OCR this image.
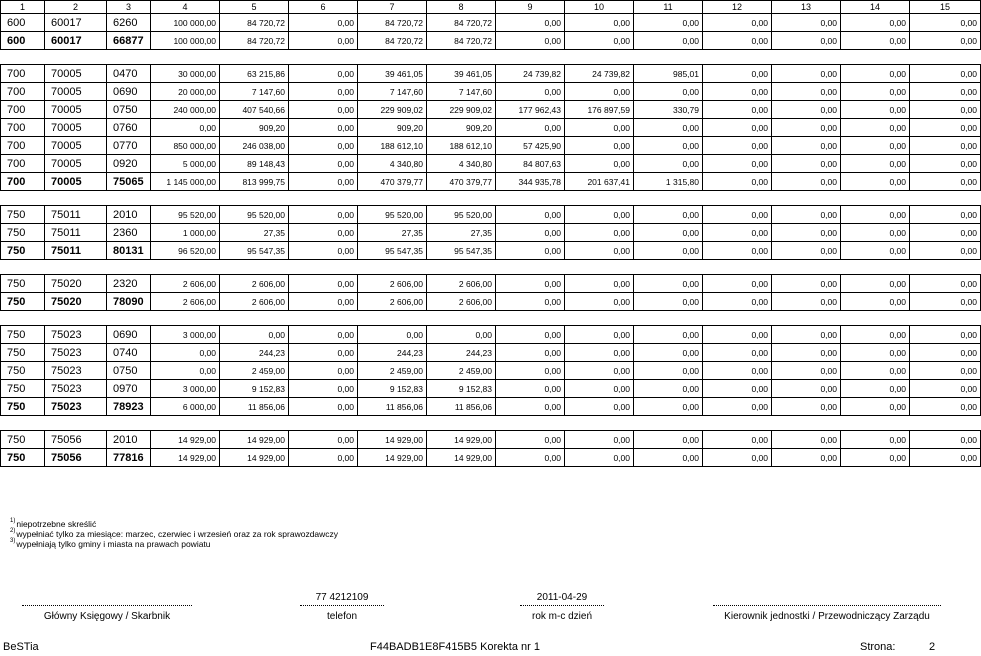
1	2	3	4	5	6	7	8	9	10	11	12	13	14	15
600	60017	6260	100 000,00	84 720,72	0,00	84 720,72	84 720,72	0,00	0,00	0,00	0,00	0,00	0,00	0,00
600	60017	66877	100 000,00	84 720,72	0,00	84 720,72	84 720,72	0,00	0,00	0,00	0,00	0,00	0,00	0,00

700	70005	0470	30 000,00	63 215,86	0,00	39 461,05	39 461,05	24 739,82	24 739,82	985,01	0,00	0,00	0,00	0,00
700	70005	0690	20 000,00	7 147,60	0,00	7 147,60	7 147,60	0,00	0,00	0,00	0,00	0,00	0,00	0,00
700	70005	0750	240 000,00	407 540,66	0,00	229 909,02	229 909,02	177 962,43	176 897,59	330,79	0,00	0,00	0,00	0,00
700	70005	0760	0,00	909,20	0,00	909,20	909,20	0,00	0,00	0,00	0,00	0,00	0,00	0,00
700	70005	0770	850 000,00	246 038,00	0,00	188 612,10	188 612,10	57 425,90	0,00	0,00	0,00	0,00	0,00	0,00
700	70005	0920	5 000,00	89 148,43	0,00	4 340,80	4 340,80	84 807,63	0,00	0,00	0,00	0,00	0,00	0,00
700	70005	75065	1 145 000,00	813 999,75	0,00	470 379,77	470 379,77	344 935,78	201 637,41	1 315,80	0,00	0,00	0,00	0,00

750	75011	2010	95 520,00	95 520,00	0,00	95 520,00	95 520,00	0,00	0,00	0,00	0,00	0,00	0,00	0,00
750	75011	2360	1 000,00	27,35	0,00	27,35	27,35	0,00	0,00	0,00	0,00	0,00	0,00	0,00
750	75011	80131	96 520,00	95 547,35	0,00	95 547,35	95 547,35	0,00	0,00	0,00	0,00	0,00	0,00	0,00

750	75020	2320	2 606,00	2 606,00	0,00	2 606,00	2 606,00	0,00	0,00	0,00	0,00	0,00	0,00	0,00
750	75020	78090	2 606,00	2 606,00	0,00	2 606,00	2 606,00	0,00	0,00	0,00	0,00	0,00	0,00	0,00

750	75023	0690	3 000,00	0,00	0,00	0,00	0,00	0,00	0,00	0,00	0,00	0,00	0,00	0,00
750	75023	0740	0,00	244,23	0,00	244,23	244,23	0,00	0,00	0,00	0,00	0,00	0,00	0,00
750	75023	0750	0,00	2 459,00	0,00	2 459,00	2 459,00	0,00	0,00	0,00	0,00	0,00	0,00	0,00
750	75023	0970	3 000,00	9 152,83	0,00	9 152,83	9 152,83	0,00	0,00	0,00	0,00	0,00	0,00	0,00
750	75023	78923	6 000,00	11 856,06	0,00	11 856,06	11 856,06	0,00	0,00	0,00	0,00	0,00	0,00	0,00

750	75056	2010	14 929,00	14 929,00	0,00	14 929,00	14 929,00	0,00	0,00	0,00	0,00	0,00	0,00	0,00
750	75056	77816	14 929,00	14 929,00	0,00	14 929,00	14 929,00	0,00	0,00	0,00	0,00	0,00	0,00	0,00
$^{1)}$niepotrzebne skreślić
$^{2)}$wypełniać tylko za miesiące: marzec, czerwiec i wrzesień oraz za rok sprawozdawczy
$^{3)}$wypełniają tylko gminy i miasta na prawach powiatu
77 4212109	2011-04-29
Główny Księgowy / Skarbnik	telefon	rok m-c dzień	Kierownik jednostki / Przewodniczący Zarządu
BeSTia	F44BADB1E8F415B5 Korekta nr 1	Strona:	2
